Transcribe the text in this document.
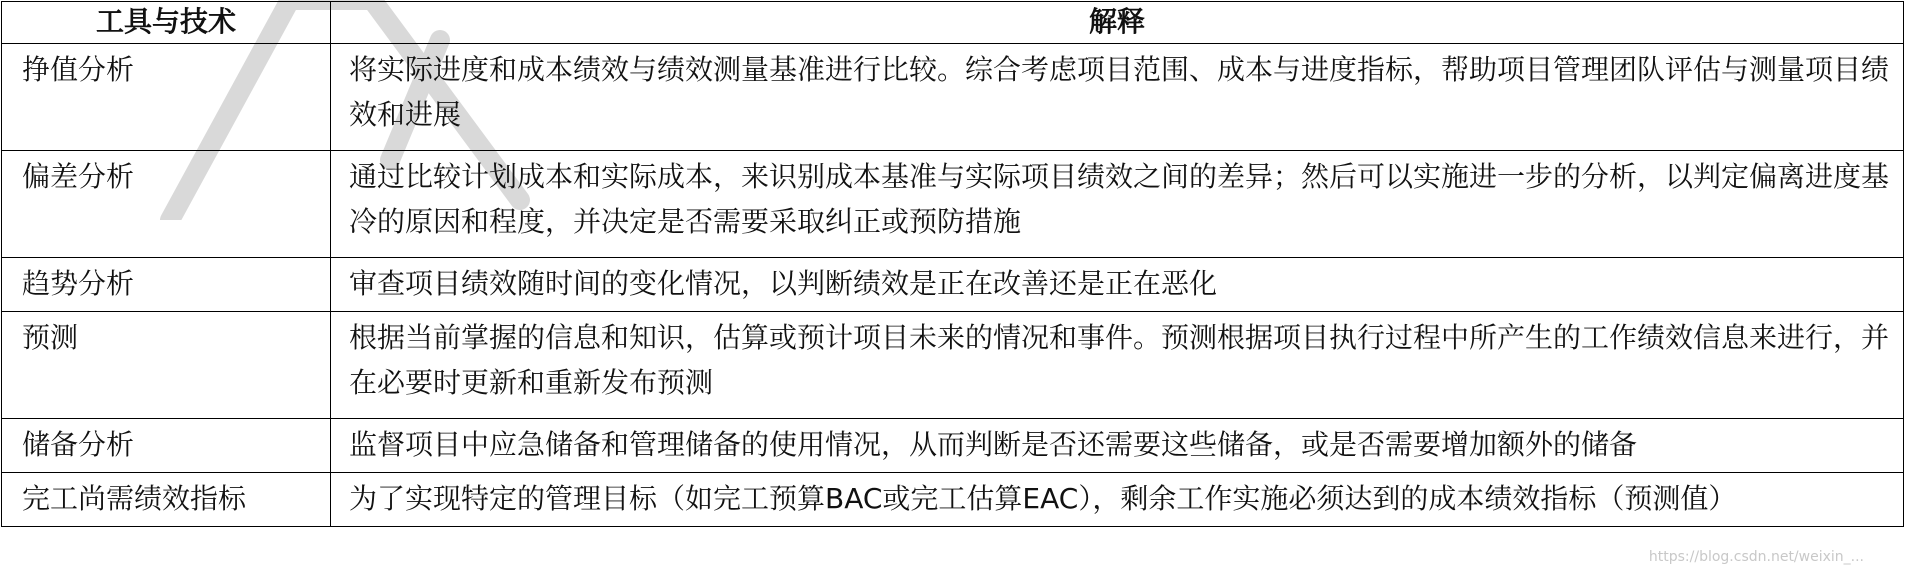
工具与技术	解释
挣值分析	将实际进度和成本绩效与绩效测量基准进行比较。综合考虑项目范围、成本与进度指标，帮助项目管理团队评估与测量项目绩效和进展
偏差分析	通过比较计划成本和实际成本，来识别成本基准与实际项目绩效之间的差异；然后可以实施进一步的分析，以判定偏离进度基冷的原因和程度，并决定是否需要采取纠正或预防措施
趋势分析	审查项目绩效随时间的变化情况，以判断绩效是正在改善还是正在恶化
预测	根据当前掌握的信息和知识，估算或预计项目未来的情况和事件。预测根据项目执行过程中所产生的工作绩效信息来进行，并在必要时更新和重新发布预测
储备分析	监督项目中应急储备和管理储备的使用情况，从而判断是否还需要这些储备，或是否需要增加额外的储备
完工尚需绩效指标	为了实现特定的管理目标（如完工预算BAC或完工估算EAC），剩余工作实施必须达到的成本绩效指标（预测值）
https://blog.csdn.net/weixin_...
